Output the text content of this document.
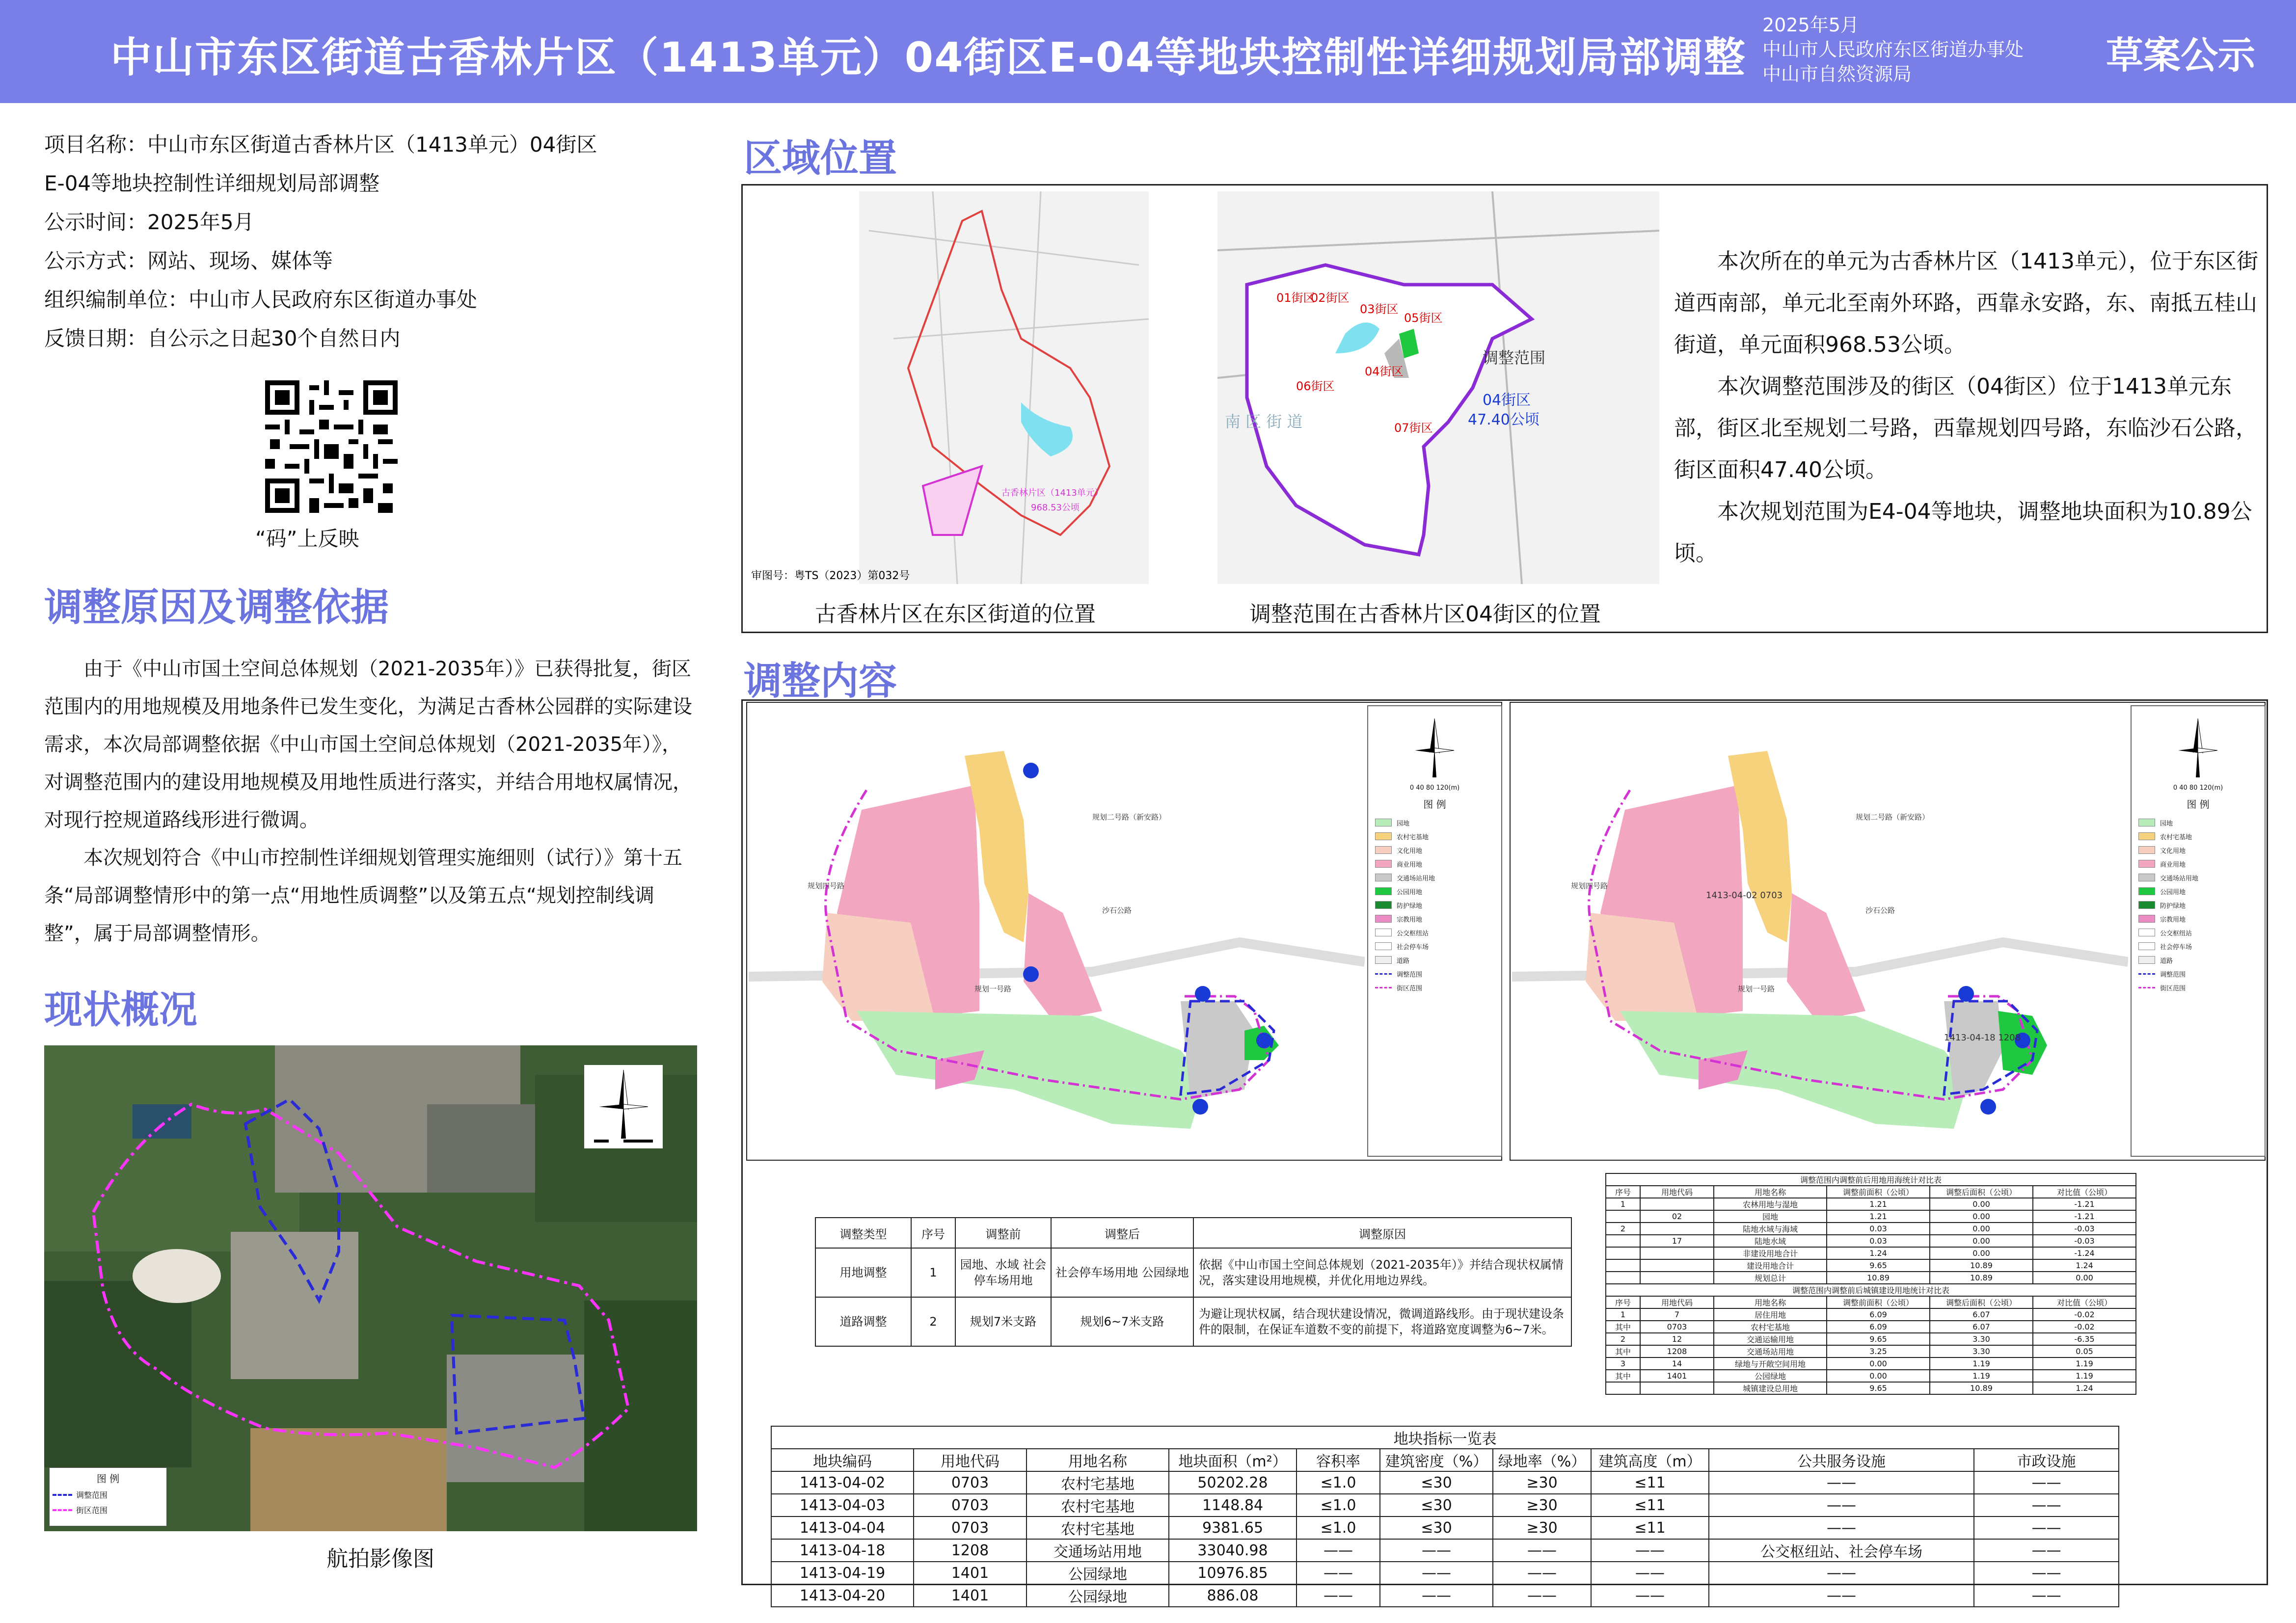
中山市东区街道古香林片区（1413单元）04街区E-04等地块控制性详细规划局部调整
2025年5月
中山市人民政府东区街道办事处
中山市自然资源局	草案公示
项目名称：中山市东区街道古香林片区（1413单元）04街区
E-04等地块控制性详细规划局部调整
公示时间：2025年5月
公示方式：网站、现场、媒体等
组织编制单位：中山市人民政府东区街道办事处
反馈日期：自公示之日起30个自然日内
“码”上反映
调整原因及调整依据

由于《中山市国土空间总体规划（2021-2035年）》已获得批复，街区范围内的用地规模及用地条件已发生变化，为满足古香林公园群的实际建设需求，本次局部调整依据《中山市国土空间总体规划（2021-2035年）》，对调整范围内的建设用地规模及用地性质进行落实，并结合用地权属情况，对现行控规道路线形进行微调。

本次规划符合《中山市控制性详细规划管理实施细则（试行）》第十五条“局部调整情形中的第一点“用地性质调整”以及第五点“规划控制线调整”，属于局部调整情形。

现状概况
图 例
调整范围
街区范围
航拍影像图
区域位置
古香林片区（1413单元）
968.53公顷
审图号：粤TS（2023）第032号
古香林片区在东区街道的位置
01街区
02街区
03街区
05街区
06街区
04街区
07街区
调整范围
04街区
47.40公顷
南 区 街 道
调整范围在古香林片区04街区的位置

本次所在的单元为古香林片区（1413单元），位于东区街道西南部，单元北至南外环路，西靠永安路，东、南抵五桂山街道，单元面积968.53公顷。

本次调整范围涉及的街区（04街区）位于1413单元东部，街区北至规划二号路，西靠规划四号路，东临沙石公路，街区面积47.40公顷。

本次规划范围为E4-04等地块，调整地块面积为10.89公顷。

调整内容
规划二号路（新安路）
沙石公路
规划四号路
规划一号路
0 40 80 120(m)
图 例
园地
农村宅基地
文化用地
商业用地
交通场站用地
公园用地
防护绿地
宗教用地
公交枢纽站
社会停车场
道路
调整范围
街区范围
规划二号路（新安路）
沙石公路
规划四号路
规划一号路
1413-04-02 0703
1413-04-18 1208
0 40 80 120(m)
图 例
园地
农村宅基地
文化用地
商业用地
交通场站用地
公园用地
防护绿地
宗教用地
公交枢纽站
社会停车场
道路
调整范围
街区范围
调整类型	序号	调整前	调整后	调整原因
用地调整	1	园地、水域 社会停车场用地	社会停车场用地 公园绿地	依据《中山市国土空间总体规划（2021-2035年）》并结合现状权属情况，落实建设用地规模，并优化用地边界线。
道路调整	2	规划7米支路	规划6~7米支路	为避让现状权属，结合现状建设情况，微调道路线形。由于现状建设条件的限制，在保证车道数不变的前提下，将道路宽度调整为6~7米。
调整范围内调整前后用地用海统计对比表					
序号	用地代码	用地名称	调整前面积（公顷）	调整后面积（公顷）	对比值（公顷）
1		农林用地与湿地	1.21	0.00	-1.21
	02	园地	1.21	0.00	-1.21
2		陆地水域与海域	0.03	0.00	-0.03
	17	陆地水域	0.03	0.00	-0.03
		非建设用地合计	1.24	0.00	-1.24
		建设用地合计	9.65	10.89	1.24
		规划总计	10.89	10.89	0.00
调整范围内调整前后城镇建设用地统计对比表					
序号	用地代码	用地名称	调整前面积（公顷）	调整后面积（公顷）	对比值（公顷）
1	7	居住用地	6.09	6.07	-0.02
其中	0703	农村宅基地	6.09	6.07	-0.02
2	12	交通运输用地	9.65	3.30	-6.35
其中	1208	交通场站用地	3.25	3.30	0.05
3	14	绿地与开敞空间用地	0.00	1.19	1.19
其中	1401	公园绿地	0.00	1.19	1.19
		城镇建设总用地	9.65	10.89	1.24
地块指标一览表									
地块编码	用地代码	用地名称	地块面积（m²）	容积率	建筑密度（%）	绿地率（%）	建筑高度（m）	公共服务设施	市政设施
1413-04-02	0703	农村宅基地	50202.28	≤1.0	≤30	≥30	≤11	——	——
1413-04-03	0703	农村宅基地	1148.84	≤1.0	≤30	≥30	≤11	——	——
1413-04-04	0703	农村宅基地	9381.65	≤1.0	≤30	≥30	≤11	——	——
1413-04-18	1208	交通场站用地	33040.98	——	——	——	——	公交枢纽站、社会停车场	——
1413-04-19	1401	公园绿地	10976.85	——	——	——	——	——	——
1413-04-20	1401	公园绿地	886.08	——	——	——	——	——	——
